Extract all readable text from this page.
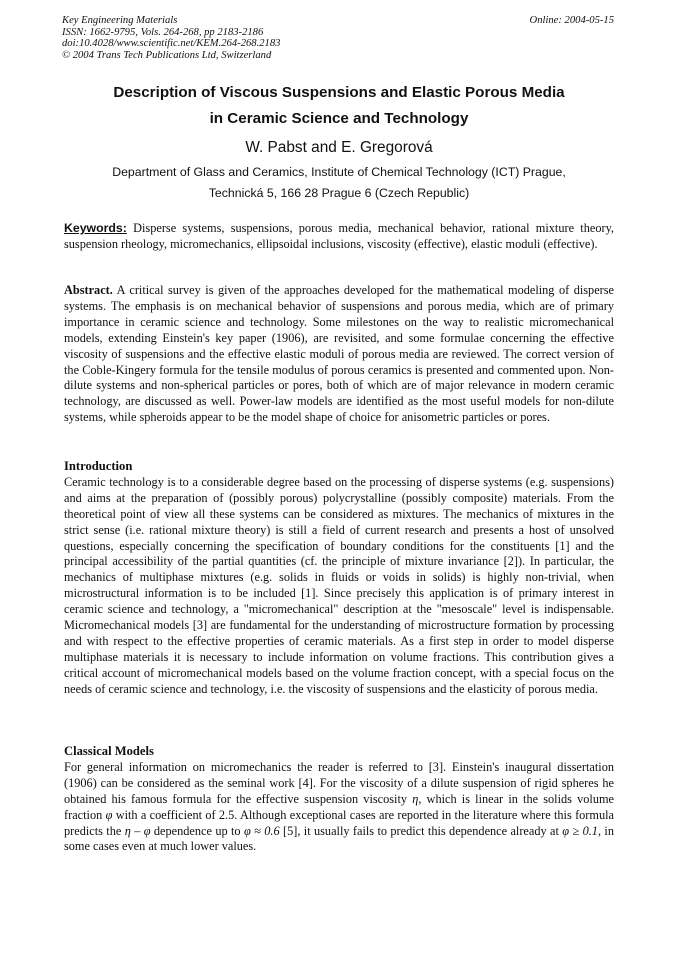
Key Engineering Materials
ISSN: 1662-9795, Vols. 264-268, pp 2183-2186
doi:10.4028/www.scientific.net/KEM.264-268.2183
© 2004 Trans Tech Publications Ltd, Switzerland
Online: 2004-05-15
Description of Viscous Suspensions and Elastic Porous Media
in Ceramic Science and Technology
W. Pabst and E. Gregorová
Department of Glass and Ceramics, Institute of Chemical Technology (ICT) Prague,
Technická 5, 166 28 Prague 6 (Czech Republic)

Keywords: Disperse systems, suspensions, porous media, mechanical behavior, rational mixture theory, suspension rheology, micromechanics, ellipsoidal inclusions, viscosity (effective), elastic moduli (effective).

Abstract. A critical survey is given of the approaches developed for the mathematical modeling of disperse systems. The emphasis is on mechanical behavior of suspensions and porous media, which are of primary importance in ceramic science and technology. Some milestones on the way to realistic micromechanical models, extending Einstein's key paper (1906), are revisited, and some formulae concerning the effective viscosity of suspensions and the effective elastic moduli of porous media are reviewed. The correct version of the Coble-Kingery formula for the tensile modulus of porous ceramics is presented and commented upon. Non-dilute systems and non-spherical particles or pores, both of which are of major relevance in modern ceramic technology, are discussed as well. Power-law models are identified as the most useful models for non-dilute systems, while spheroids appear to be the model shape of choice for anisometric particles or pores.

Introduction

Ceramic technology is to a considerable degree based on the processing of disperse systems (e.g. suspensions) and aims at the preparation of (possibly porous) polycrystalline (possibly composite) materials. From the theoretical point of view all these systems can be considered as mixtures. The mechanics of mixtures in the strict sense (i.e. rational mixture theory) is still a field of current research and presents a host of unsolved questions, especially concerning the specification of boundary conditions for the constituents [1] and the principal accessibility of the partial quantities (cf. the principle of mixture invariance [2]). In particular, the mechanics of multiphase mixtures (e.g. solids in fluids or voids in solids) is highly non-trivial, when microstructural information is to be included [1]. Since precisely this application is of primary interest in ceramic science and technology, a "micromechanical" description at the "mesoscale" level is indispensable. Micromechanical models [3] are fundamental for the understanding of microstructure formation by processing and with respect to the effective properties of ceramic materials. As a first step in order to model disperse multiphase materials it is necessary to include information on volume fractions. This contribution gives a critical account of micromechanical models based on the volume fraction concept, with a special focus on the needs of ceramic science and technology, i.e. the viscosity of suspensions and the elasticity of porous media.

Classical Models

For general information on micromechanics the reader is referred to [3]. Einstein's inaugural dissertation (1906) can be considered as the seminal work [4]. For the viscosity of a dilute suspension of rigid spheres he obtained his famous formula for the effective suspension viscosity η, which is linear in the solids volume fraction φ with a coefficient of 2.5. Although exceptional cases are reported in the literature where this formula predicts the η – φ dependence up to φ ≈ 0.6 [5], it usually fails to predict this dependence already at φ ≥ 0.1, in some cases even at much lower values.
